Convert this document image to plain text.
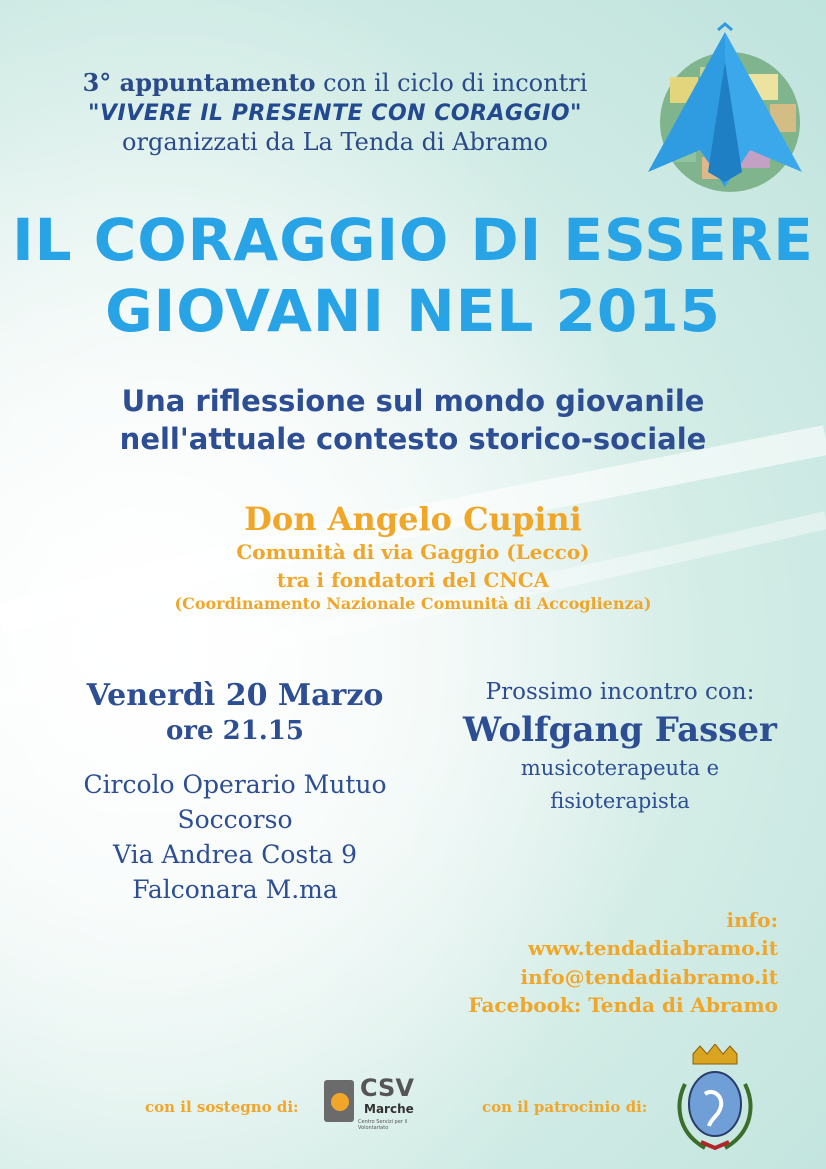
3° appuntamento con il ciclo di incontri
"VIVERE IL PRESENTE CON CORAGGIO"
organizzati da La Tenda di Abramo
IL CORAGGIO DI ESSERE
GIOVANI NEL 2015
Una riflessione sul mondo giovanile
nell'attuale contesto storico-sociale
Don Angelo Cupini
Comunità di via Gaggio (Lecco)
tra i fondatori del CNCA
(Coordinamento Nazionale Comunità di Accoglienza)
Venerdì 20 Marzo
ore 21.15
Circolo Operario Mutuo
Soccorso
Via Andrea Costa 9
Falconara M.ma
Prossimo incontro con:
Wolfgang Fasser
musicoterapeuta e
fisioterapista
info:
www.tendadiabramo.it
info@tendadiabramo.it
Facebook: Tenda di Abramo
con il sostegno di:
CSV
Marche
Centro Servizi per il Volontariato
con il patrocinio di:
